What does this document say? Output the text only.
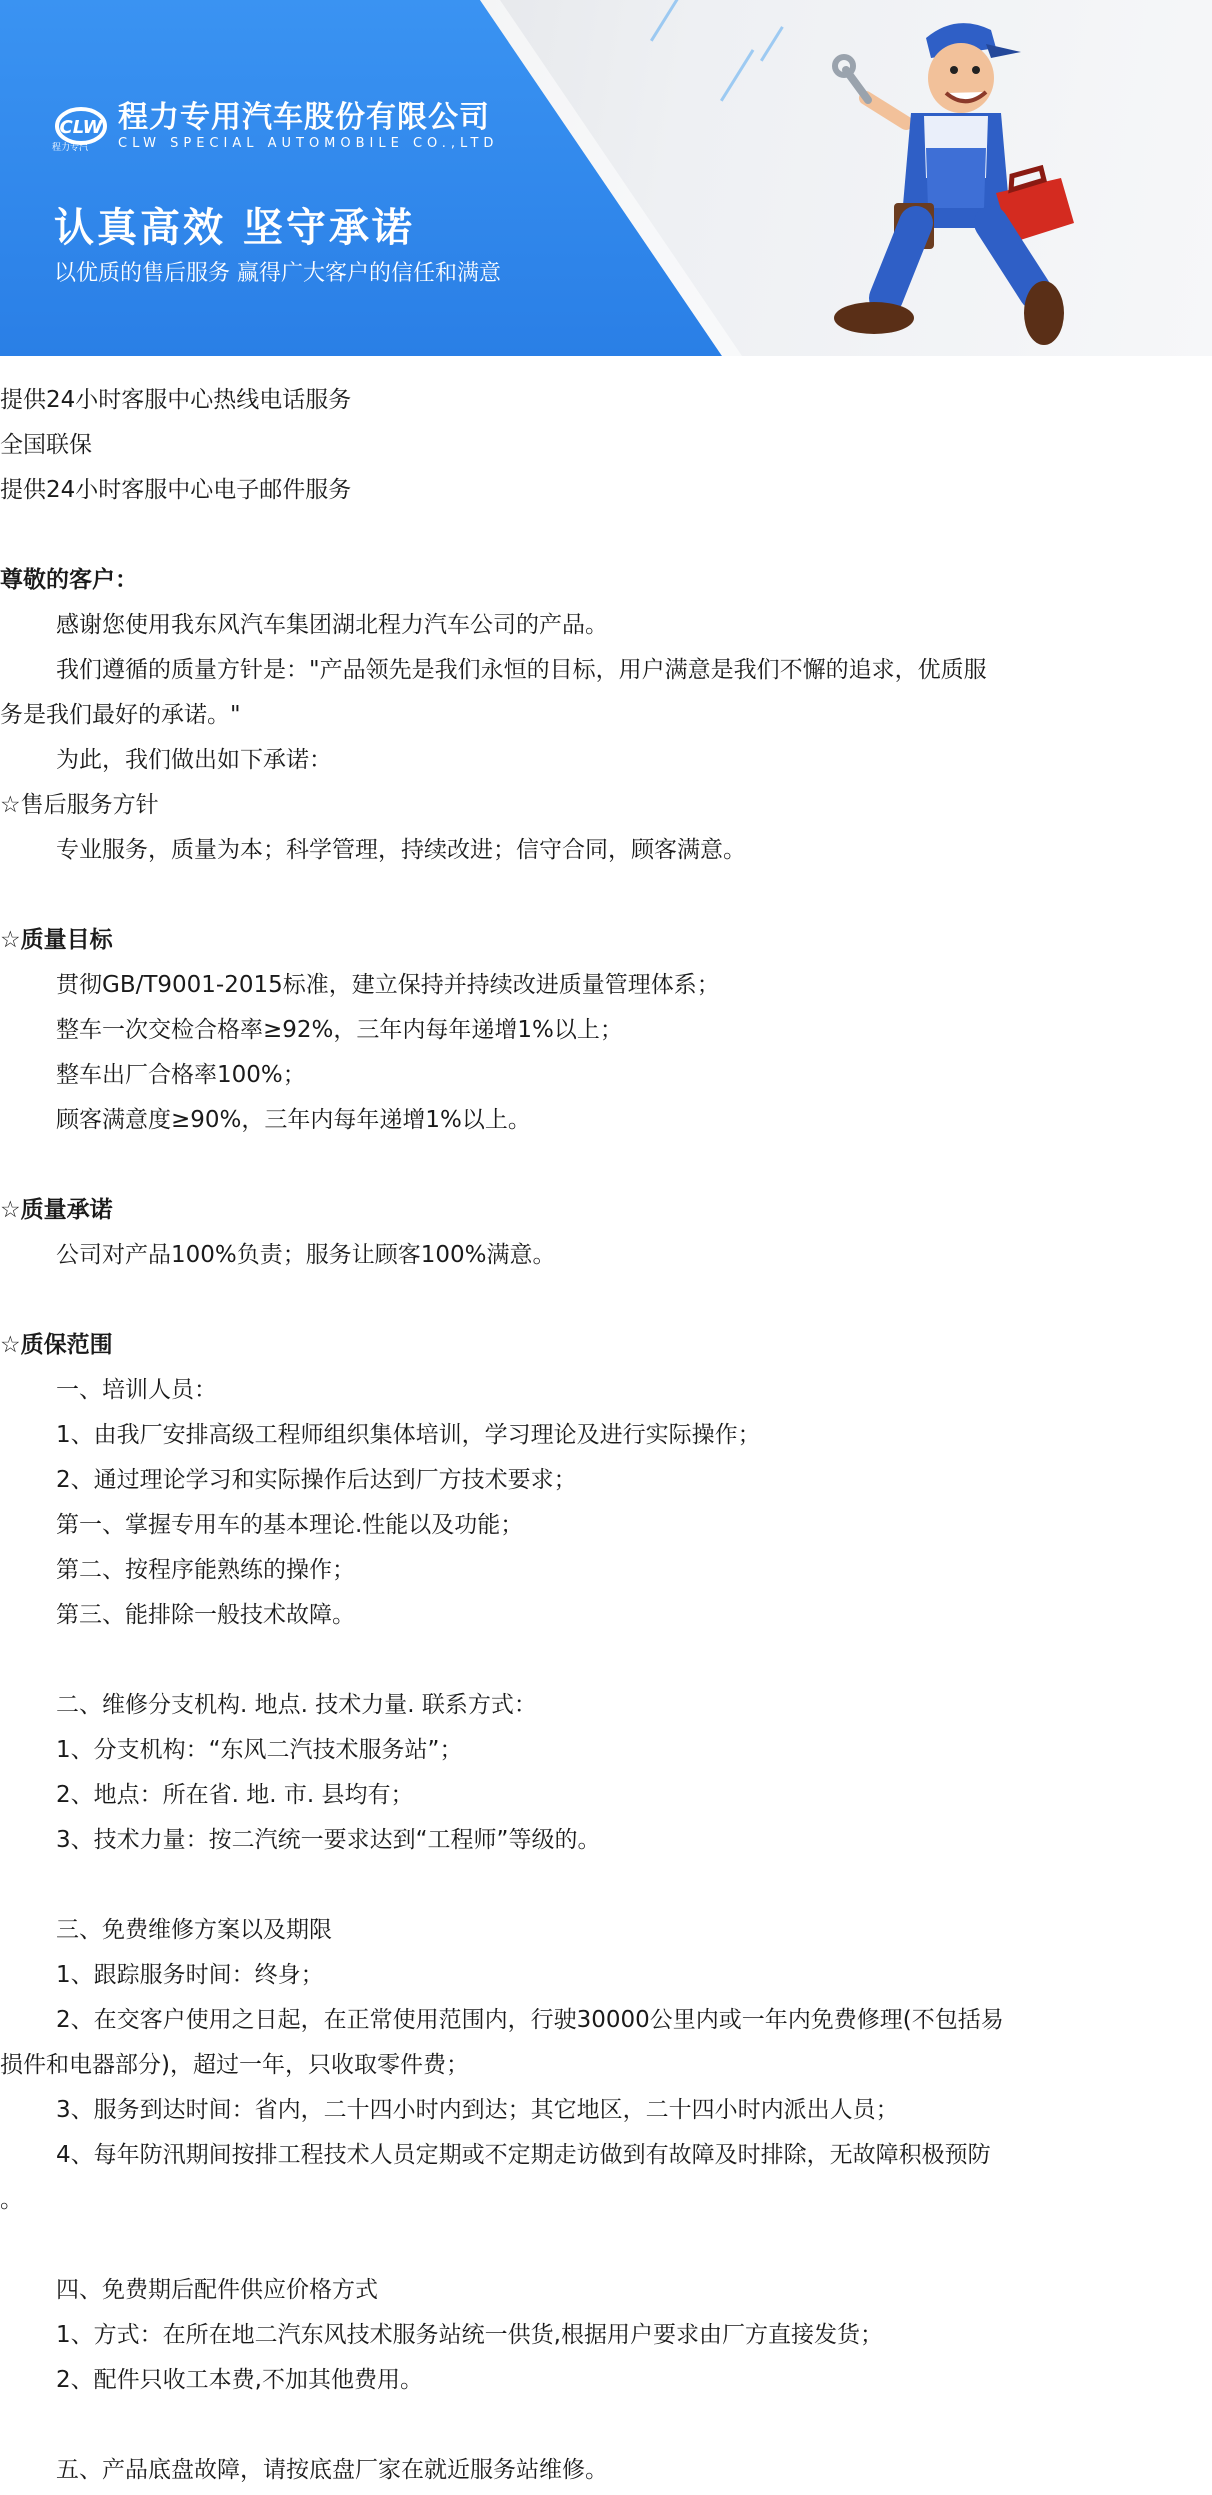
CLW 程力专用汽车股份有限公司
CLW SPECIAL AUTOMOBILE CO.,LTD
程力专汽
认真高效 坚守承诺
以优质的售后服务 赢得广大客户的信任和满意
提供24小时客服中心热线电话服务
全国联保
提供24小时客服中心电子邮件服务
尊敬的客户：
感谢您使用我东风汽车集团湖北程力汽车公司的产品。
我们遵循的质量方针是："产品领先是我们永恒的目标，用户满意是我们不懈的追求，优质服
务是我们最好的承诺。"
为此，我们做出如下承诺：
☆售后服务方针
专业服务，质量为本；科学管理，持续改进；信守合同，顾客满意。
☆质量目标
贯彻GB/T9001-2015标准，建立保持并持续改进质量管理体系；
整车一次交检合格率≥92%，三年内每年递增1%以上；
整车出厂合格率100%；
顾客满意度≥90%，三年内每年递增1%以上。
☆质量承诺
公司对产品100%负责；服务让顾客100%满意。
☆质保范围
一、培训人员：
1、由我厂安排高级工程师组织集体培训，学习理论及进行实际操作；
2、通过理论学习和实际操作后达到厂方技术要求；
第一、掌握专用车的基本理论.性能以及功能；
第二、按程序能熟练的操作；
第三、能排除一般技术故障。
二、维修分支机构. 地点. 技术力量. 联系方式：
1、分支机构：“东风二汽技术服务站”；
2、地点：所在省. 地. 市. 县均有；
3、技术力量：按二汽统一要求达到“工程师”等级的。
三、免费维修方案以及期限
1、跟踪服务时间：终身；
2、在交客户使用之日起，在正常使用范围内，行驶30000公里内或一年内免费修理(不包括易
损件和电器部分)，超过一年，只收取零件费；
3、服务到达时间：省内，二十四小时内到达；其它地区，二十四小时内派出人员；
4、每年防汛期间按排工程技术人员定期或不定期走访做到有故障及时排除，无故障积极预防
。
四、免费期后配件供应价格方式
1、方式：在所在地二汽东风技术服务站统一供货,根据用户要求由厂方直接发货；
2、配件只收工本费,不加其他费用。
五、产品底盘故障，请按底盘厂家在就近服务站维修。
